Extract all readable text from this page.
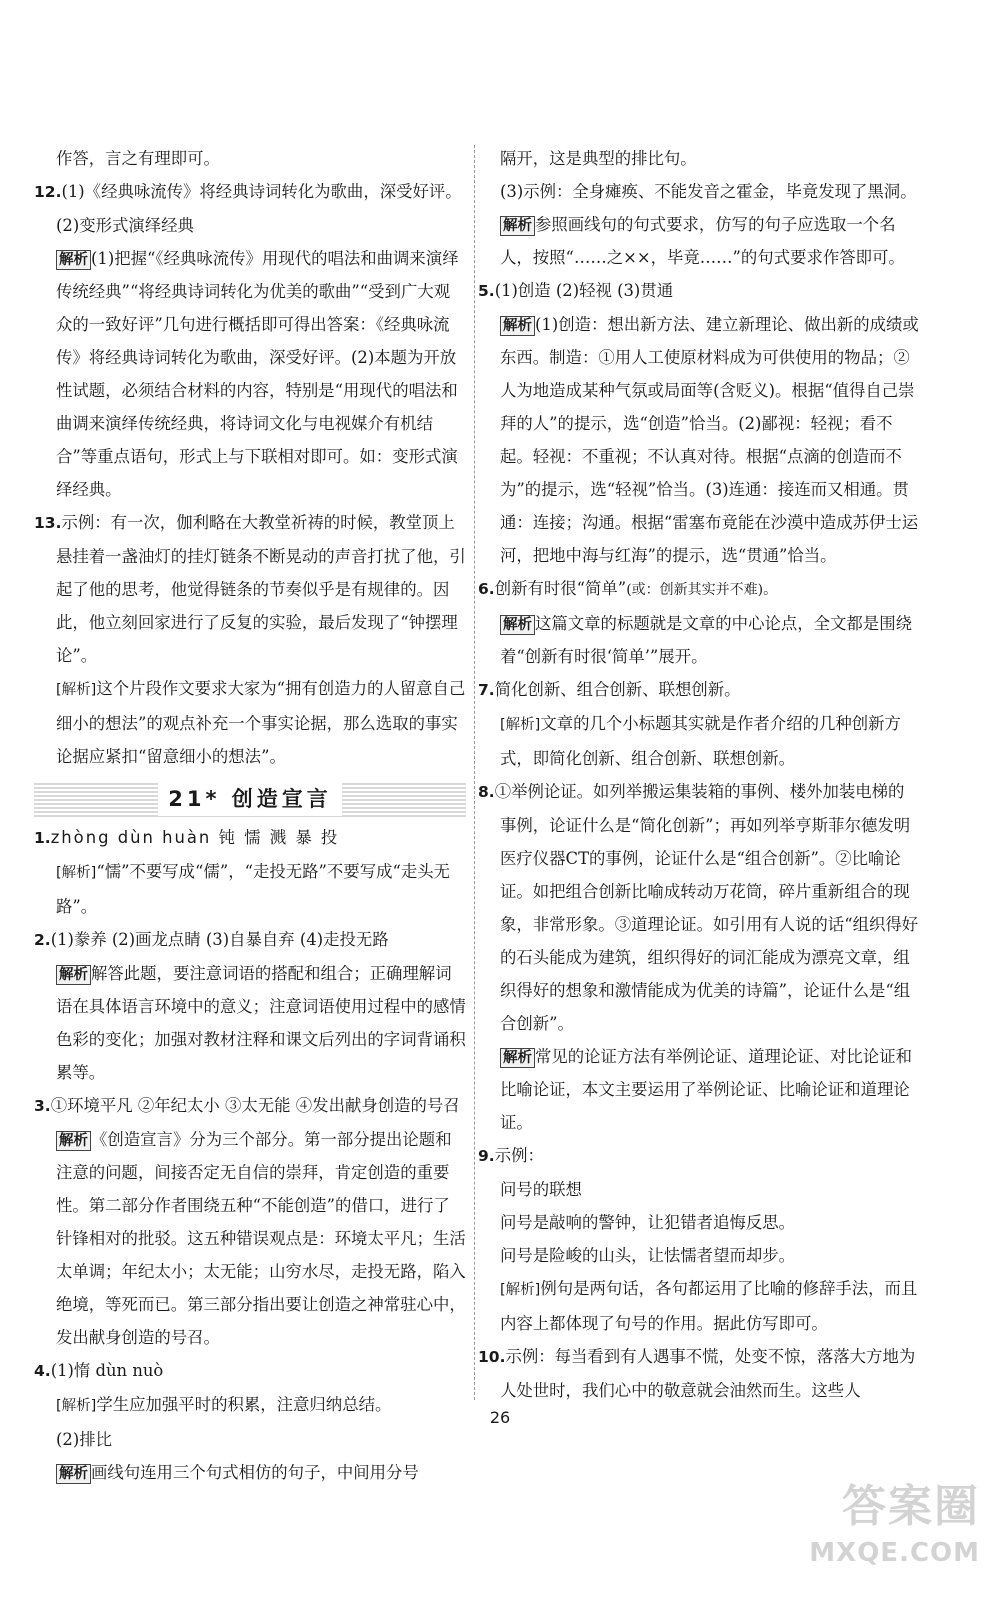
作答，言之有理即可。

12.(1)《经典咏流传》将经典诗词转化为歌曲，深受好评。

(2)变形式演绎经典

解析 (1)把握“《经典咏流传》用现代的唱法和曲调来演绎传统经典”“将经典诗词转化为优美的歌曲”“受到广大观众的一致好评”几句进行概括即可得出答案：《经典咏流传》将经典诗词转化为歌曲，深受好评。(2)本题为开放性试题，必须结合材料的内容，特别是“用现代的唱法和曲调来演绎传统经典，将诗词文化与电视媒介有机结合”等重点语句，形式上与下联相对即可。如：变形式演绎经典。

13.示例：有一次，伽利略在大教堂祈祷的时候，教堂顶上悬挂着一盏油灯的挂灯链条不断晃动的声音打扰了他，引起了他的思考，他觉得链条的节奏似乎是有规律的。因此，他立刻回家进行了反复的实验，最后发现了“钟摆理论”。

[解析]这个片段作文要求大家为“拥有创造力的人留意自己细小的想法”的观点补充一个事实论据，那么选取的事实论据应紧扣“留意细小的想法”。

21* 创造宣言
1.zhòng dùn huàn 钝 懦 溅 暴 投

[解析]“懦”不要写成“儒”，“走投无路”不要写成“走头无路”。

2.(1)豢养 (2)画龙点睛 (3)自暴自弃 (4)走投无路

解析 解答此题，要注意词语的搭配和组合；正确理解词语在具体语言环境中的意义；注意词语使用过程中的感情色彩的变化；加强对教材注释和课文后列出的字词背诵积累等。

3.①环境平凡 ②年纪太小 ③太无能 ④发出献身创造的号召

解析 《创造宣言》分为三个部分。第一部分提出论题和注意的问题，间接否定无自信的崇拜，肯定创造的重要性。第二部分作者围绕五种“不能创造”的借口，进行了针锋相对的批驳。这五种错误观点是：环境太平凡；生活太单调；年纪太小；太无能；山穷水尽，走投无路，陷入绝境，等死而已。第三部分指出要让创造之神常驻心中，发出献身创造的号召。

4.(1)惰 dùn nuò

[解析]学生应加强平时的积累，注意归纳总结。

(2)排比

解析 画线句连用三个句式相仿的句子，中间用分号

隔开，这是典型的排比句。

(3)示例：全身瘫痪、不能发音之霍金，毕竟发现了黑洞。

解析 参照画线句的句式要求，仿写的句子应选取一个名人，按照“……之××，毕竟……”的句式要求作答即可。

5.(1)创造 (2)轻视 (3)贯通

解析 (1)创造：想出新方法、建立新理论、做出新的成绩或东西。制造：①用人工使原材料成为可供使用的物品；②人为地造成某种气氛或局面等(含贬义)。根据“值得自己崇拜的人”的提示，选“创造”恰当。(2)鄙视：轻视；看不起。轻视：不重视；不认真对待。根据“点滴的创造而不为”的提示，选“轻视”恰当。(3)连通：接连而又相通。贯通：连接；沟通。根据“雷塞布竟能在沙漠中造成苏伊士运河，把地中海与红海”的提示，选“贯通”恰当。

6.创新有时很“简单”(或：创新其实并不难)。

解析 这篇文章的标题就是文章的中心论点，全文都是围绕着“创新有时很‘简单’”展开。

7.简化创新、组合创新、联想创新。

[解析]文章的几个小标题其实就是作者介绍的几种创新方式，即简化创新、组合创新、联想创新。

8.①举例论证。如列举搬运集装箱的事例、楼外加装电梯的事例，论证什么是“简化创新”；再如列举亨斯菲尔德发明医疗仪器CT的事例，论证什么是“组合创新”。②比喻论证。如把组合创新比喻成转动万花筒，碎片重新组合的现象，非常形象。③道理论证。如引用有人说的话“组织得好的石头能成为建筑，组织得好的词汇能成为漂亮文章，组织得好的想象和激情能成为优美的诗篇”，论证什么是“组合创新”。

解析 常见的论证方法有举例论证、道理论证、对比论证和比喻论证，本文主要运用了举例论证、比喻论证和道理论证。

9.示例：

问号的联想

问号是敲响的警钟，让犯错者追悔反思。

问号是险峻的山头，让怯懦者望而却步。

[解析]例句是两句话，各句都运用了比喻的修辞手法，而且内容上都体现了句号的作用。据此仿写即可。

10.示例：每当看到有人遇事不慌，处变不惊，落落大方地为人处世时，我们心中的敬意就会油然而生。这些人
26
答案圈
MXQE.COM
